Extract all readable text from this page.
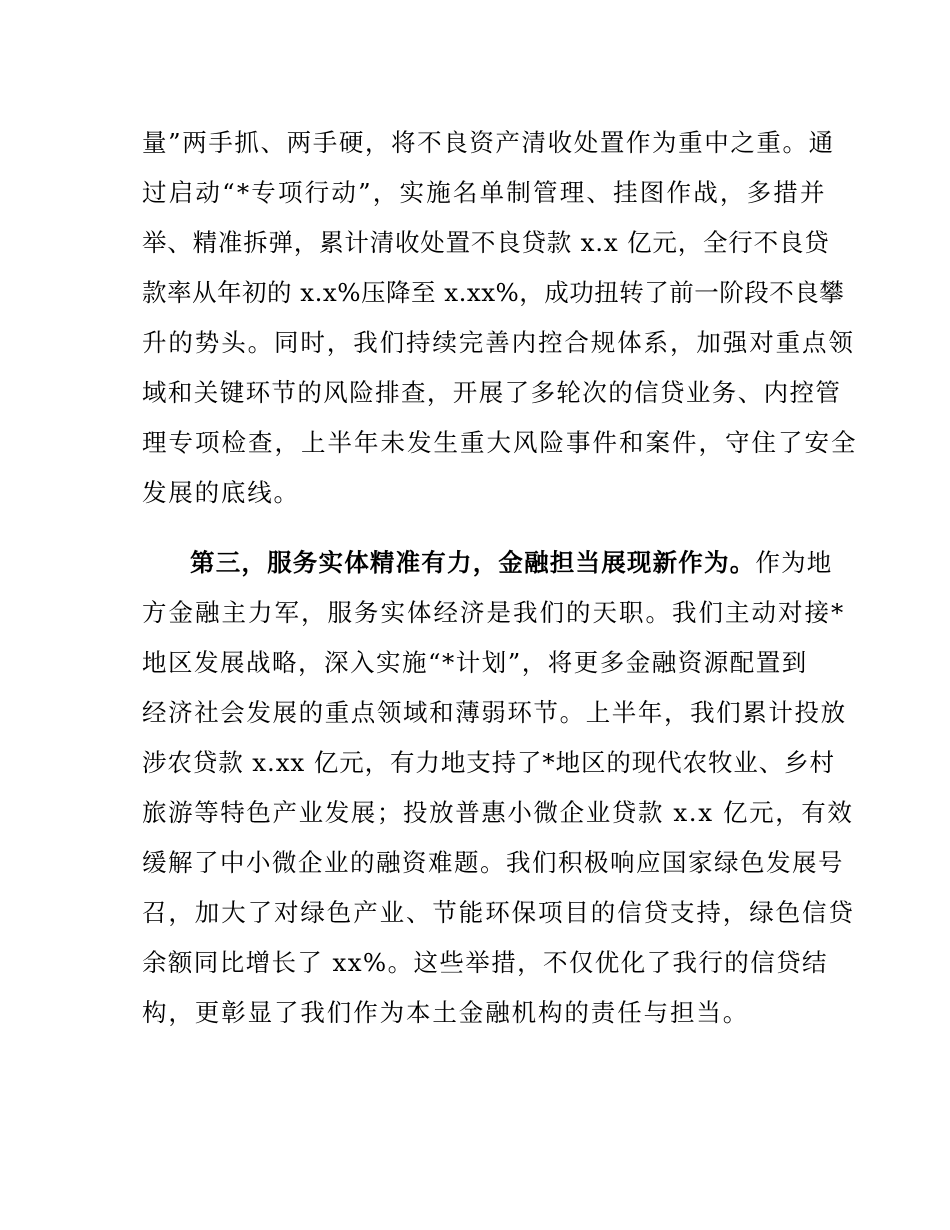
量”两手抓、两手硬，将不良资产清收处置作为重中之重。通
过启动“*专项行动”，实施名单制管理、挂图作战，多措并
举、精准拆弹，累计清收处置不良贷款 x.x 亿元，全行不良贷
款率从年初的 x.x%压降至 x.xx%，成功扭转了前一阶段不良攀
升的势头。同时，我们持续完善内控合规体系，加强对重点领
域和关键环节的风险排查，开展了多轮次的信贷业务、内控管
理专项检查，上半年未发生重大风险事件和案件，守住了安全
发展的底线。
第三，服务实体精准有力，金融担当展现新作为。作为地
方金融主力军，服务实体经济是我们的天职。我们主动对接*
地区发展战略，深入实施“*计划”，将更多金融资源配置到
经济社会发展的重点领域和薄弱环节。上半年，我们累计投放
涉农贷款 x.xx 亿元，有力地支持了*地区的现代农牧业、乡村
旅游等特色产业发展；投放普惠小微企业贷款 x.x 亿元，有效
缓解了中小微企业的融资难题。我们积极响应国家绿色发展号
召，加大了对绿色产业、节能环保项目的信贷支持，绿色信贷
余额同比增长了 xx%。这些举措，不仅优化了我行的信贷结
构，更彰显了我们作为本土金融机构的责任与担当。
